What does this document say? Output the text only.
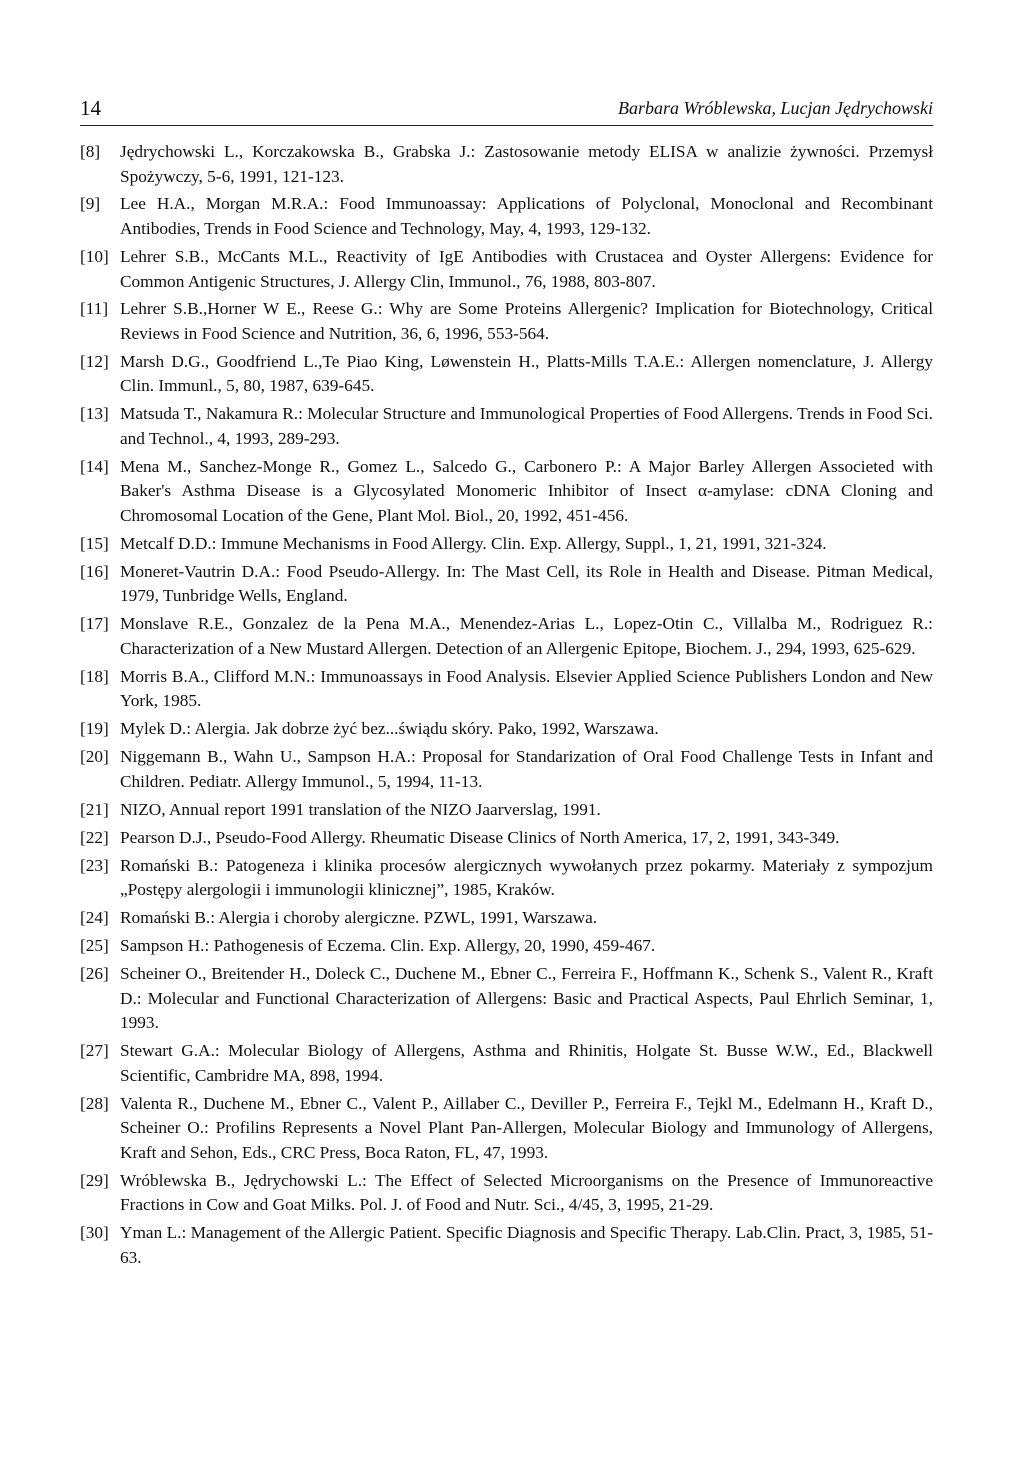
14	Barbara Wróblewska, Lucjan Jędrychowski
[8] Jędrychowski L., Korczakowska B., Grabska J.: Zastosowanie metody ELISA w analizie żywności. Przemysł Spożywczy, 5-6, 1991, 121-123.
[9] Lee H.A., Morgan M.R.A.: Food Immunoassay: Applications of Polyclonal, Monoclonal and Recombinant Antibodies, Trends in Food Science and Technology, May, 4, 1993, 129-132.
[10] Lehrer S.B., McCants M.L., Reactivity of IgE Antibodies with Crustacea and Oyster Allergens: Evidence for Common Antigenic Structures, J. Allergy Clin, Immunol., 76, 1988, 803-807.
[11] Lehrer S.B.,Horner W E., Reese G.: Why are Some Proteins Allergenic? Implication for Biotechnology, Critical Reviews in Food Science and Nutrition, 36, 6, 1996, 553-564.
[12] Marsh D.G., Goodfriend L.,Te Piao King, Løwenstein H., Platts-Mills T.A.E.: Allergen nomenclature, J. Allergy Clin. Immunl., 5, 80, 1987, 639-645.
[13] Matsuda T., Nakamura R.: Molecular Structure and Immunological Properties of Food Allergens. Trends in Food Sci. and Technol., 4, 1993, 289-293.
[14] Mena M., Sanchez-Monge R., Gomez L., Salcedo G., Carbonero P.: A Major Barley Allergen Associeted with Baker's Asthma Disease is a Glycosylated Monomeric Inhibitor of Insect α-amylase: cDNA Cloning and Chromosomal Location of the Gene, Plant Mol. Biol., 20, 1992, 451-456.
[15] Metcalf D.D.: Immune Mechanisms in Food Allergy. Clin. Exp. Allergy, Suppl., 1, 21, 1991, 321-324.
[16] Moneret-Vautrin D.A.: Food Pseudo-Allergy. In: The Mast Cell, its Role in Health and Disease. Pitman Medical, 1979, Tunbridge Wells, England.
[17] Monslave R.E., Gonzalez de la Pena M.A., Menendez-Arias L., Lopez-Otin C., Villalba M., Rodriguez R.: Characterization of a New Mustard Allergen. Detection of an Allergenic Epitope, Biochem. J., 294, 1993, 625-629.
[18] Morris B.A., Clifford M.N.: Immunoassays in Food Analysis. Elsevier Applied Science Publishers London and New York, 1985.
[19] Mylek D.: Alergia. Jak dobrze żyć bez...świądu skóry. Pako, 1992, Warszawa.
[20] Niggemann B., Wahn U., Sampson H.A.: Proposal for Standarization of Oral Food Challenge Tests in Infant and Children. Pediatr. Allergy Immunol., 5, 1994, 11-13.
[21] NIZO, Annual report 1991 translation of the NIZO Jaarverslag, 1991.
[22] Pearson D.J., Pseudo-Food Allergy. Rheumatic Disease Clinics of North America, 17, 2, 1991, 343-349.
[23] Romański B.: Patogeneza i klinika procesów alergicznych wywołanych przez pokarmy. Materiały z sympozjum „Postępy alergologii i immunologii klinicznej”, 1985, Kraków.
[24] Romański B.: Alergia i choroby alergiczne. PZWL, 1991, Warszawa.
[25] Sampson H.: Pathogenesis of Eczema. Clin. Exp. Allergy, 20, 1990, 459-467.
[26] Scheiner O., Breitender H., Doleck C., Duchene M., Ebner C., Ferreira F., Hoffmann K., Schenk S., Valent R., Kraft D.: Molecular and Functional Characterization of Allergens: Basic and Practical Aspects, Paul Ehrlich Seminar, 1, 1993.
[27] Stewart G.A.: Molecular Biology of Allergens, Asthma and Rhinitis, Holgate St. Busse W.W., Ed., Blackwell Scientific, Cambridre MA, 898, 1994.
[28] Valenta R., Duchene M., Ebner C., Valent P., Aillaber C., Deviller P., Ferreira F., Tejkl M., Edelmann H., Kraft D., Scheiner O.: Profilins Represents a Novel Plant Pan-Allergen, Molecular Biology and Immunology of Allergens, Kraft and Sehon, Eds., CRC Press, Boca Raton, FL, 47, 1993.
[29] Wróblewska B., Jędrychowski L.: The Effect of Selected Microorganisms on the Presence of Immunoreactive Fractions in Cow and Goat Milks. Pol. J. of Food and Nutr. Sci., 4/45, 3, 1995, 21-29.
[30] Yman L.: Management of the Allergic Patient. Specific Diagnosis and Specific Therapy. Lab.Clin. Pract, 3, 1985, 51-63.
